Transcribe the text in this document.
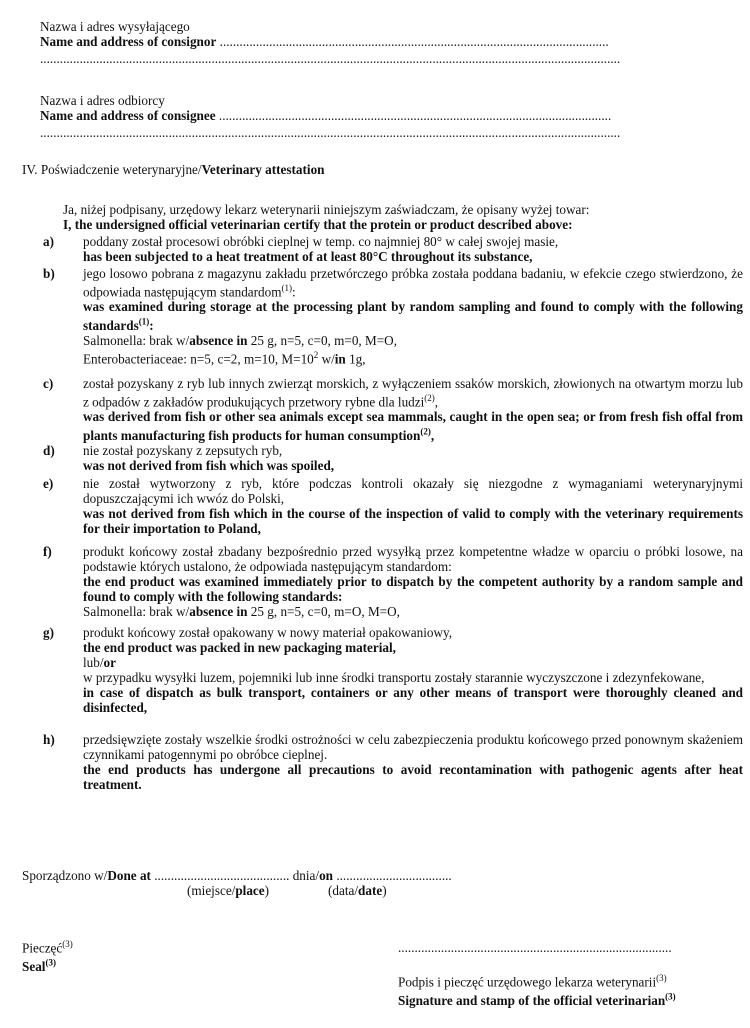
Nazwa i adres wysyłającego
Name and address of consignor ......................................................................................................................
................................................................................................................................................................................
Nazwa i adres odbiorcy
Name and address of consignee .......................................................................................................................
................................................................................................................................................................................
IV. Poświadczenie weterynaryjne/Veterinary attestation
Ja, niżej podpisany, urzędowy lekarz weterynarii niniejszym zaświadczam, że opisany wyżej towar:
I, the undersigned official veterinarian certify that the protein or product described above:
a) poddany został procesowi obróbki cieplnej w temp. co najmniej 80° w całej swojej masie,

has been subjected to a heat treatment of at least 80°C throughout its substance,

b) jego losowo pobrana z magazynu zakładu przetwórczego próbka została poddana badaniu, w efekcie czego stwierdzono, że odpowiada następującym standardom$^{(1)}$:

was examined during storage at the processing plant by random sampling and found to comply with the following standards$^{(1)}$:

Salmonella: brak w/absence in 25 g, n=5, c=0, m=0, M=O,

Enterobacteriaceae: n=5, c=2, m=10, $M=10^2$ w/in 1g,

c) został pozyskany z ryb lub innych zwierząt morskich, z wyłączeniem ssaków morskich, złowionych na otwartym morzu lub z odpadów z zakładów produkujących przetwory rybne dla ludzi$^{(2)}$,

was derived from fish or other sea animals except sea mammals, caught in the open sea; or from fresh fish offal from plants manufacturing fish products for human consumption$^{(2)}$,

d) nie został pozyskany z zepsutych ryb,

was not derived from fish which was spoiled,

e) nie został wytworzony z ryb, które podczas kontroli okazały się niezgodne z wymaganiami weterynaryjnymi dopuszczającymi ich wwóz do Polski,

was not derived from fish which in the course of the inspection of valid to comply with the veterinary requirements for their importation to Poland,

f) produkt końcowy został zbadany bezpośrednio przed wysyłką przez kompetentne władze w oparciu o próbki losowe, na podstawie których ustalono, że odpowiada następującym standardom:

the end product was examined immediately prior to dispatch by the competent authority by a random sample and found to comply with the following standards:

Salmonella: brak w/absence in 25 g, n=5, c=0, m=O, M=O,

g) produkt końcowy został opakowany w nowy materiał opakowaniowy,

the end product was packed in new packaging material,

lub/or

w przypadku wysyłki luzem, pojemniki lub inne środki transportu zostały starannie wyczyszczone i zdezynfekowane,

in case of dispatch as bulk transport, containers or any other means of transport were thoroughly cleaned and disinfected,

h) przedsięwzięte zostały wszelkie środki ostrożności w celu zabezpieczenia produktu końcowego przed ponownym skażeniem czynnikami patogennymi po obróbce cieplnej.

the end products has undergone all precautions to avoid recontamination with pathogenic agents after heat treatment.

Sporządzono w/Done at ......................................... dnia/on ...................................
(miejsce/place)	(data/date)
Pieczęć$^{(3)}$
Seal$^{(3)}$
...................................................................................
Podpis i pieczęć urzędowego lekarza weterynarii$^{(3)}$
Signature and stamp of the official veterinarian$^{(3)}$
